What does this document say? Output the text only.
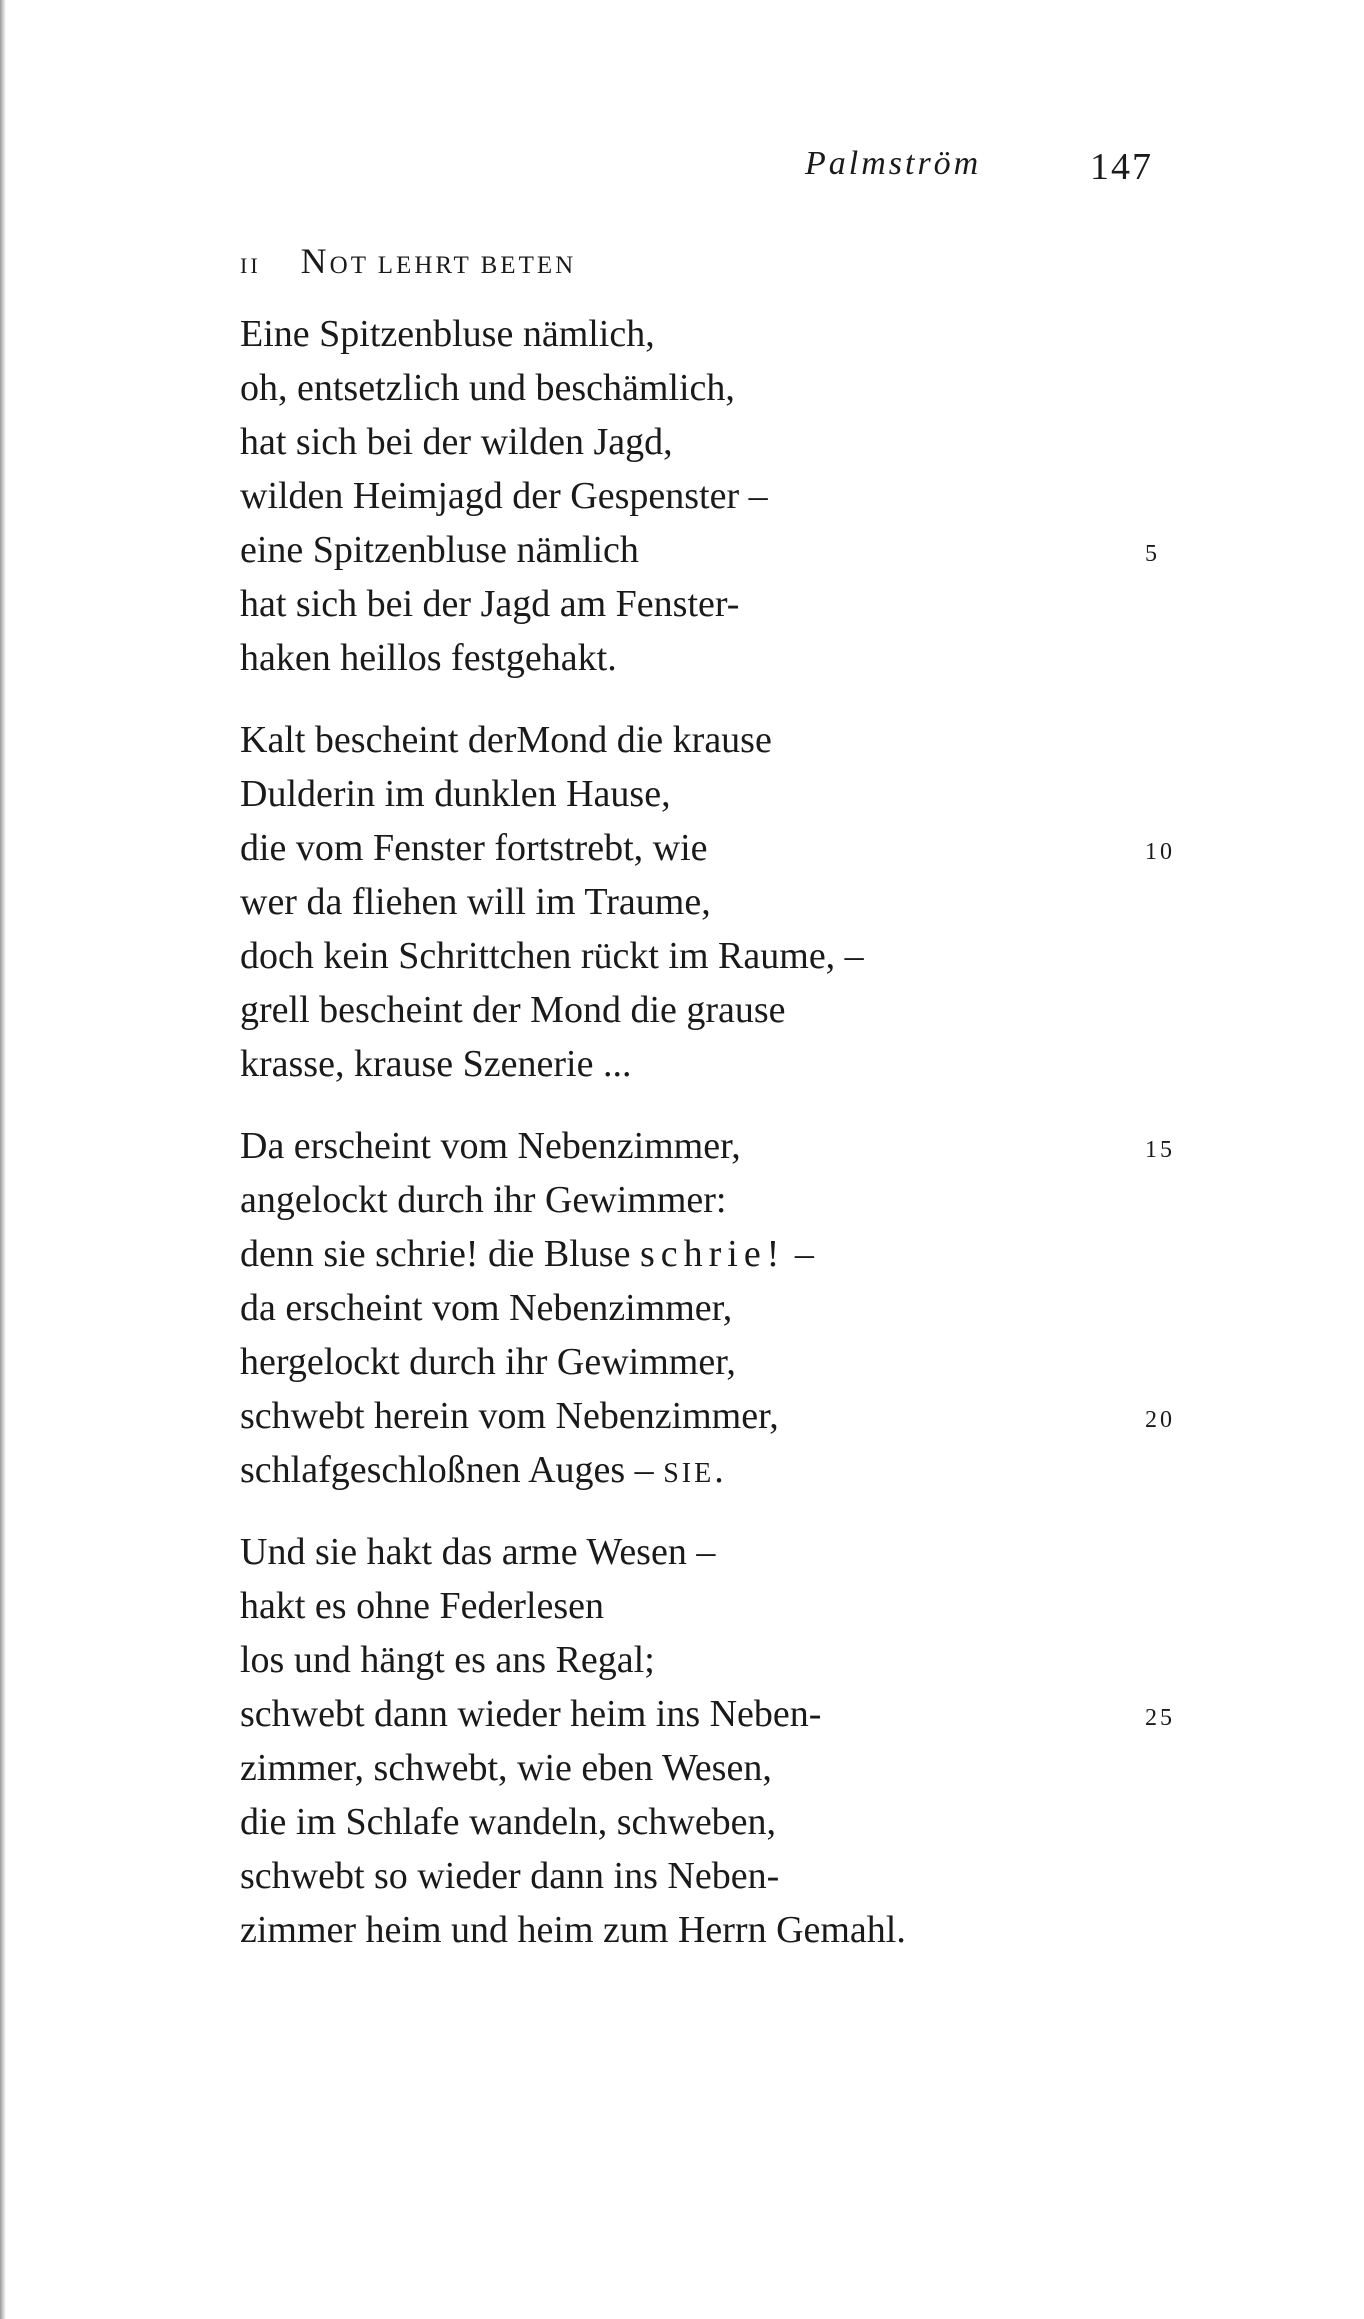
Palmström	147
II NOT LEHRT BETEN
Eine Spitzenbluse nämlich,
oh, entsetzlich und beschämlich,
hat sich bei der wilden Jagd,
wilden Heimjagd der Gespenster –
eine Spitzenbluse nämlich	5
hat sich bei der Jagd am Fenster-
haken heillos festgehakt.
Kalt bescheint derMond die krause
Dulderin im dunklen Hause,
die vom Fenster fortstrebt, wie	10
wer da fliehen will im Traume,
doch kein Schrittchen rückt im Raume, –
grell bescheint der Mond die grause
krasse, krause Szenerie ...
Da erscheint vom Nebenzimmer,	15
angelockt durch ihr Gewimmer:
denn sie schrie! die Bluse schrie! –
da erscheint vom Nebenzimmer,
hergelockt durch ihr Gewimmer,
schwebt herein vom Nebenzimmer,	20
schlafgeschloßnen Auges – SIE.
Und sie hakt das arme Wesen –
hakt es ohne Federlesen
los und hängt es ans Regal;
schwebt dann wieder heim ins Neben-	25
zimmer, schwebt, wie eben Wesen,
die im Schlafe wandeln, schweben,
schwebt so wieder dann ins Neben-
zimmer heim und heim zum Herrn Gemahl.
